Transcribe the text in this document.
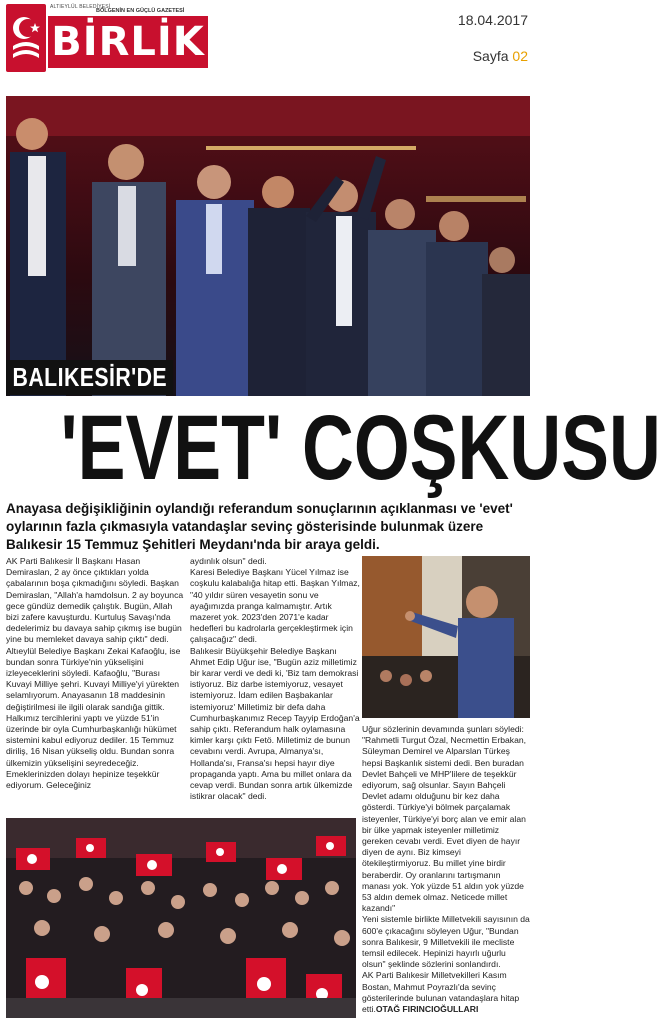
ALTIEYLÜL BELEDİYESİ
BÖLGENİN EN GÜÇLÜ GAZETESİ
BİRLİK	18.04.2017
Sayfa 02
BALIKESİR'DE
'EVET' COŞKUSU

Anayasa değişikliğinin oylandığı referandum sonuçlarının açıklanması ve 'evet' oylarının fazla çıkmasıyla vatandaşlar sevinç gösterisinde bulunmak üzere Balıkesir 15 Temmuz Şehitleri Meydanı'nda bir araya geldi.

AK Parti Balıkesir İl Başkanı Hasan Demiraslan, 2 ay önce çıktıkları yolda çabalarının boşa çıkmadığını söyledi. Başkan Demiraslan, "Allah'a hamdolsun. 2 ay boyunca gece gündüz demedik çalıştık. Bugün, Allah bizi zafere kavuşturdu. Kurtuluş Savaşı'nda dedelerimiz bu davaya sahip çıkmış ise bugün yine bu memleket davaya sahip çıktı" dedi.

Altıeylül Belediye Başkanı Zekai Kafaoğlu, ise bundan sonra Türkiye'nin yükselişini izleyeceklerini söyledi. Kafaoğlu, "Burası Kuvayi Milliye şehri. Kuvayi Milliye'yi yürekten selamlıyorum. Anayasanın 18 maddesinin değiştirilmesi ile ilgili olarak sandığa gittik. Halkımız tercihlerini yaptı ve yüzde 51'in üzerinde bir oyla Cumhurbaşkanlığı hükümet sistemini kabul ediyoruz dediler. 15 Temmuz diriliş, 16 Nisan yükseliş oldu. Bundan sonra ülkemizin yükselişini seyredeceğiz. Emeklerinizden dolayı hepinize teşekkür ediyorum. Geleceğiniz

aydınlık olsun" dedi.

Karesi Belediye Başkanı Yücel Yılmaz ise coşkulu kalabalığa hitap etti. Başkan Yılmaz, "40 yıldır süren vesayetin sonu ve ayağımızda pranga kalmamıştır. Artık mazeret yok. 2023'den 2071'e kadar hedefleri bu kadrolarla gerçekleştirmek için çalışacağız" dedi.

Balıkesir Büyükşehir Belediye Başkanı Ahmet Edip Uğur ise, "Bugün aziz milletimiz bir karar verdi ve dedi ki, 'Biz tam demokrasi istiyoruz. Biz darbe istemiyoruz, vesayet istemiyoruz. İdam edilen Başbakanlar istemiyoruz' Milletimiz bir defa daha Cumhurbaşkanımız Recep Tayyip Erdoğan'a sahip çıktı. Referandum halk oylamasına kimler karşı çıktı Fetö. Milletimiz de bunun cevabını verdi. Avrupa, Almanya'sı, Hollanda'sı, Fransa'sı hepsi hayır diye propaganda yaptı. Ama bu millet onlara da cevap verdi. Bundan sonra artık ülkemizde istikrar olacak" dedi.

Uğur sözlerinin devamında şunları söyledi: "Rahmetli Turgut Özal, Necmettin Erbakan, Süleyman Demirel ve Alparslan Türkeş hepsi Başkanlık sistemi dedi. Ben buradan Devlet Bahçeli ve MHP'lilere de teşekkür ediyorum, sağ olsunlar. Sayın Bahçeli Devlet adamı olduğunu bir kez daha gösterdi. Türkiye'yi bölmek parçalamak isteyenler, Türkiye'yi borç alan ve emir alan bir ülke yapmak isteyenler milletimiz gereken cevabı verdi. Evet diyen de hayır diyen de aynı. Biz kimseyi ötekileştirmiyoruz. Bu millet yine birdir beraberdir. Oy oranlarını tartışmanın manası yok. Yok yüzde 51 aldın yok yüzde 53 aldın demek olmaz. Neticede millet kazandı"

Yeni sistemle birlikte Milletvekili sayısının da 600'e çıkacağını söyleyen Uğur, "Bundan sonra Balıkesir, 9 Milletvekili ile mecliste temsil edilecek. Hepinizi hayırlı uğurlu olsun" şeklinde sözlerini sonlandırdı.

AK Parti Balıkesir Milletvekilleri Kasım Bostan, Mahmut Poyrazlı'da sevinç gösterilerinde bulunan vatandaşlara hitap etti.OTAĞ FIRINCIOĞULLARI
